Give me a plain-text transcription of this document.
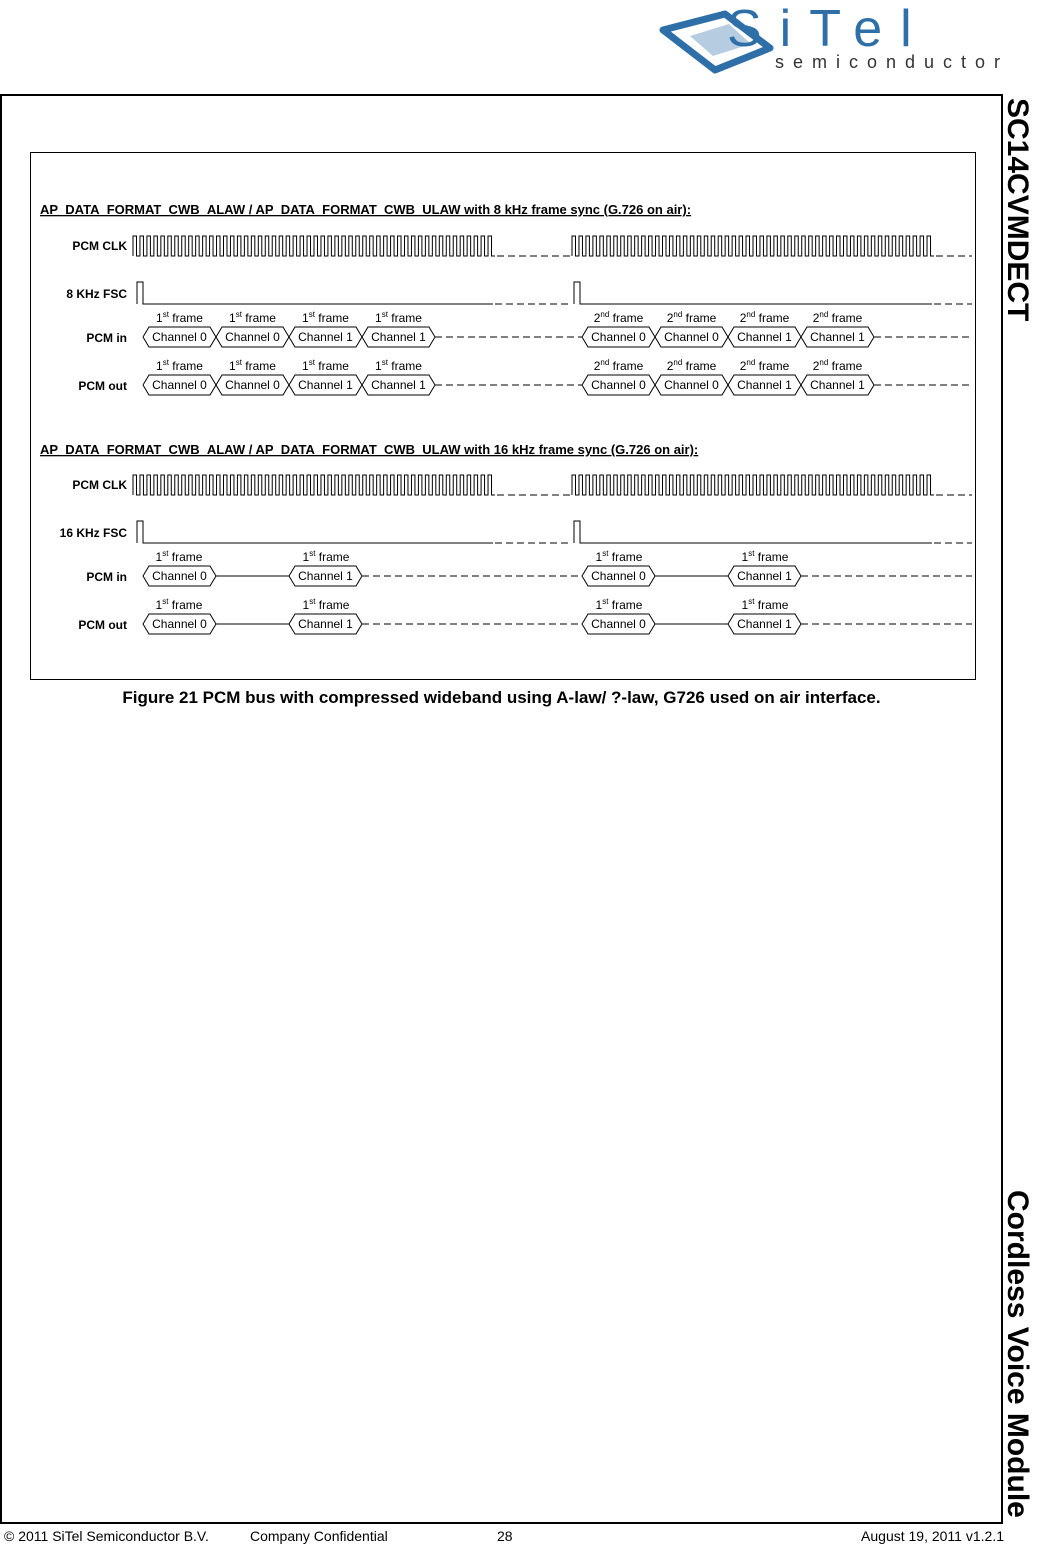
SiTel
semiconductor
SC14CVMDECT
Cordless Voice Module
AP_DATA_FORMAT_CWB_ALAW / AP_DATA_FORMAT_CWB_ULAW with 8 kHz frame sync (G.726 on air):
PCM CLK
8 KHz FSC
PCM in
1st frame 1st frame 1st frame 1st frame	2nd frame 2nd frame 2nd frame 2nd frame
Channel 0 Channel 0 Channel 1 Channel 1	Channel 0 Channel 0 Channel 1 Channel 1
PCM out
1st frame 1st frame 1st frame 1st frame	2nd frame 2nd frame 2nd frame 2nd frame
Channel 0 Channel 0 Channel 1 Channel 1	Channel 0 Channel 0 Channel 1 Channel 1
AP_DATA_FORMAT_CWB_ALAW / AP_DATA_FORMAT_CWB_ULAW with 16 kHz frame sync (G.726 on air):
PCM CLK
16 KHz FSC
PCM in
1st frame	1st frame	1st frame	1st frame
Channel 0	Channel 1	Channel 0	Channel 1
PCM out
1st frame	1st frame	1st frame	1st frame
Channel 0	Channel 1	Channel 0	Channel 1
Figure 21 PCM bus with compressed wideband using A-law/ ?-law, G726 used on air interface.
© 2011 SiTel Semiconductor B.V.	Company Confidential	28	August 19, 2011 v1.2.1
